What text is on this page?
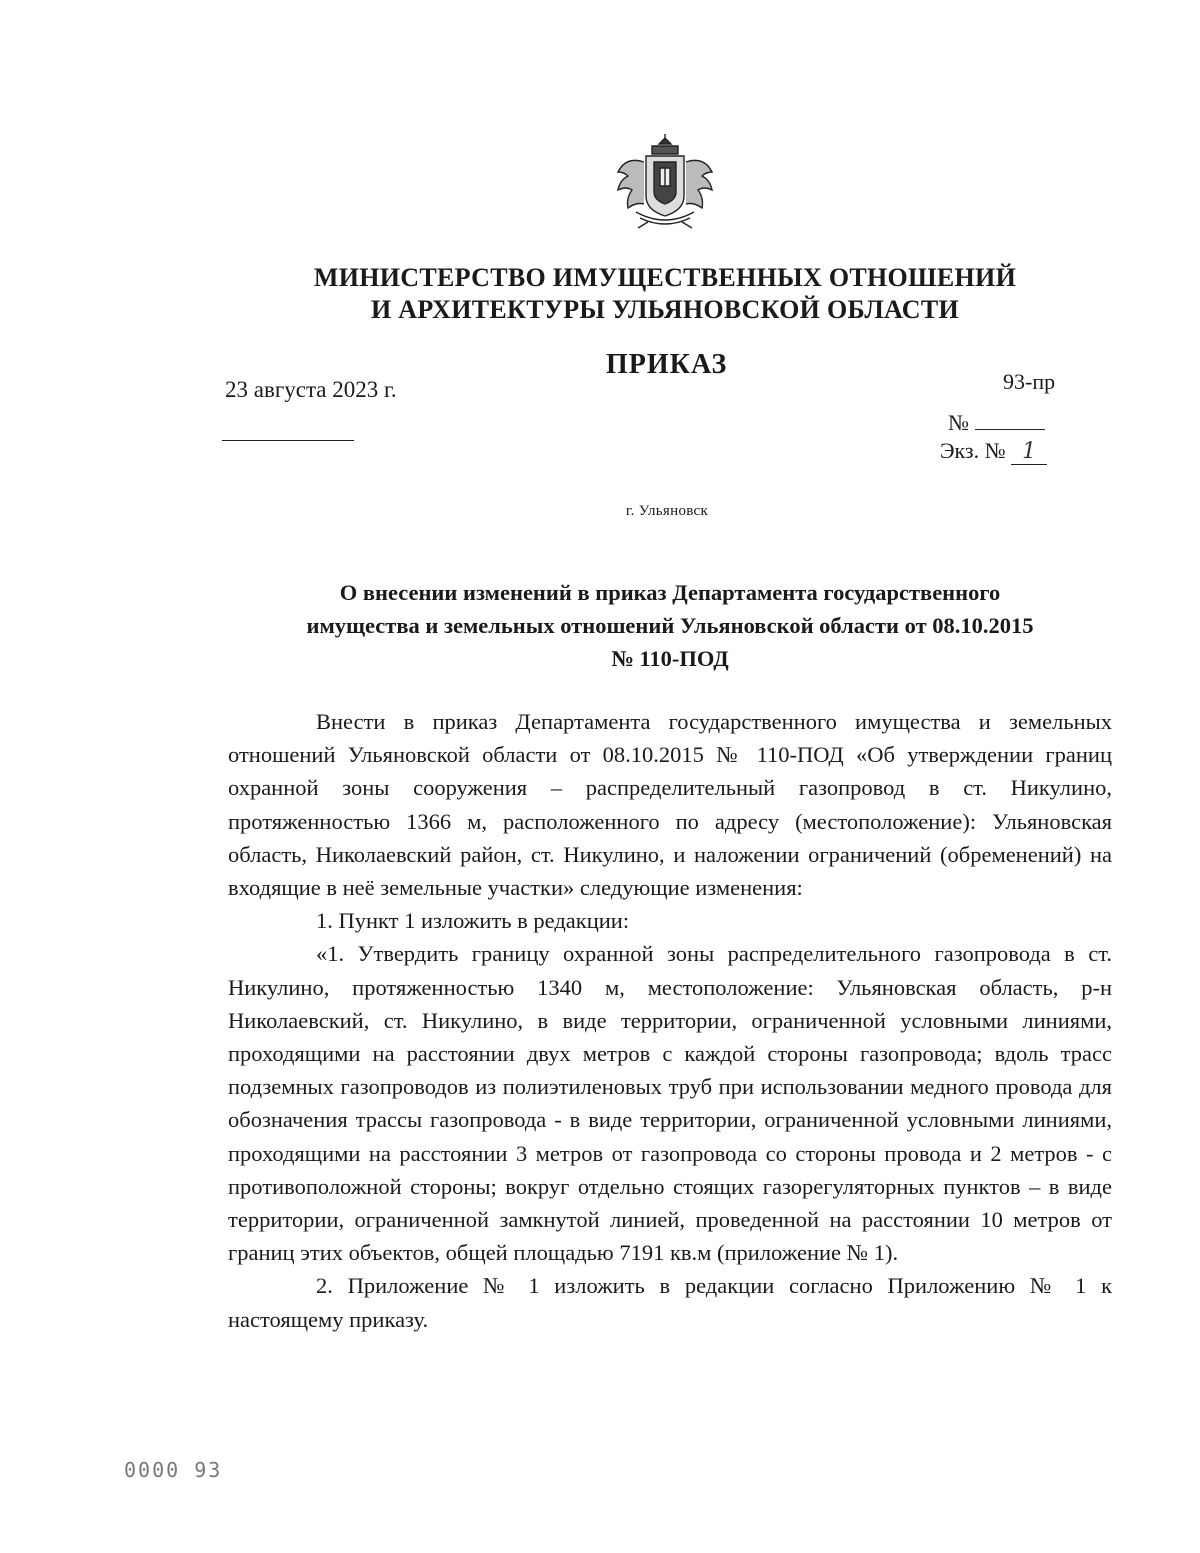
МИНИСТЕРСТВО ИМУЩЕСТВЕННЫХ ОТНОШЕНИЙ
И АРХИТЕКТУРЫ УЛЬЯНОВСКОЙ ОБЛАСТИ
ПРИКАЗ
23 августа 2023 г.	93-пр
№
Экз. № 1
г. Ульяновск
О внесении изменений в приказ Департамента государственного
имущества и земельных отношений Ульяновской области от 08.10.2015
№ 110-ПОД

Внести в приказ Департамента государственного имущества и земельных отношений Ульяновской области от 08.10.2015 № 110-ПОД «Об утверждении границ охранной зоны сооружения – распределительный газопровод в ст. Никулино, протяженностью 1366 м, расположенного по адресу (местоположение): Ульяновская область, Николаевский район, ст. Никулино, и наложении ограничений (обременений) на входящие в неё земельные участки» следующие изменения:

1. Пункт 1 изложить в редакции:

«1. Утвердить границу охранной зоны распределительного газопровода в ст. Никулино, протяженностью 1340 м, местоположение: Ульяновская область, р-н Николаевский, ст. Никулино, в виде территории, ограниченной условными линиями, проходящими на расстоянии двух метров с каждой стороны газопровода; вдоль трасс подземных газопроводов из полиэтиленовых труб при использовании медного провода для обозначения трассы газопровода - в виде территории, ограниченной условными линиями, проходящими на расстоянии 3 метров от газопровода со стороны провода и 2 метров - с противоположной стороны; вокруг отдельно стоящих газорегуляторных пунктов – в виде территории, ограниченной замкнутой линией, проведенной на расстоянии 10 метров от границ этих объектов, общей площадью 7191 кв.м (приложение № 1).

2. Приложение № 1 изложить в редакции согласно Приложению № 1 к настоящему приказу.

0000 93
